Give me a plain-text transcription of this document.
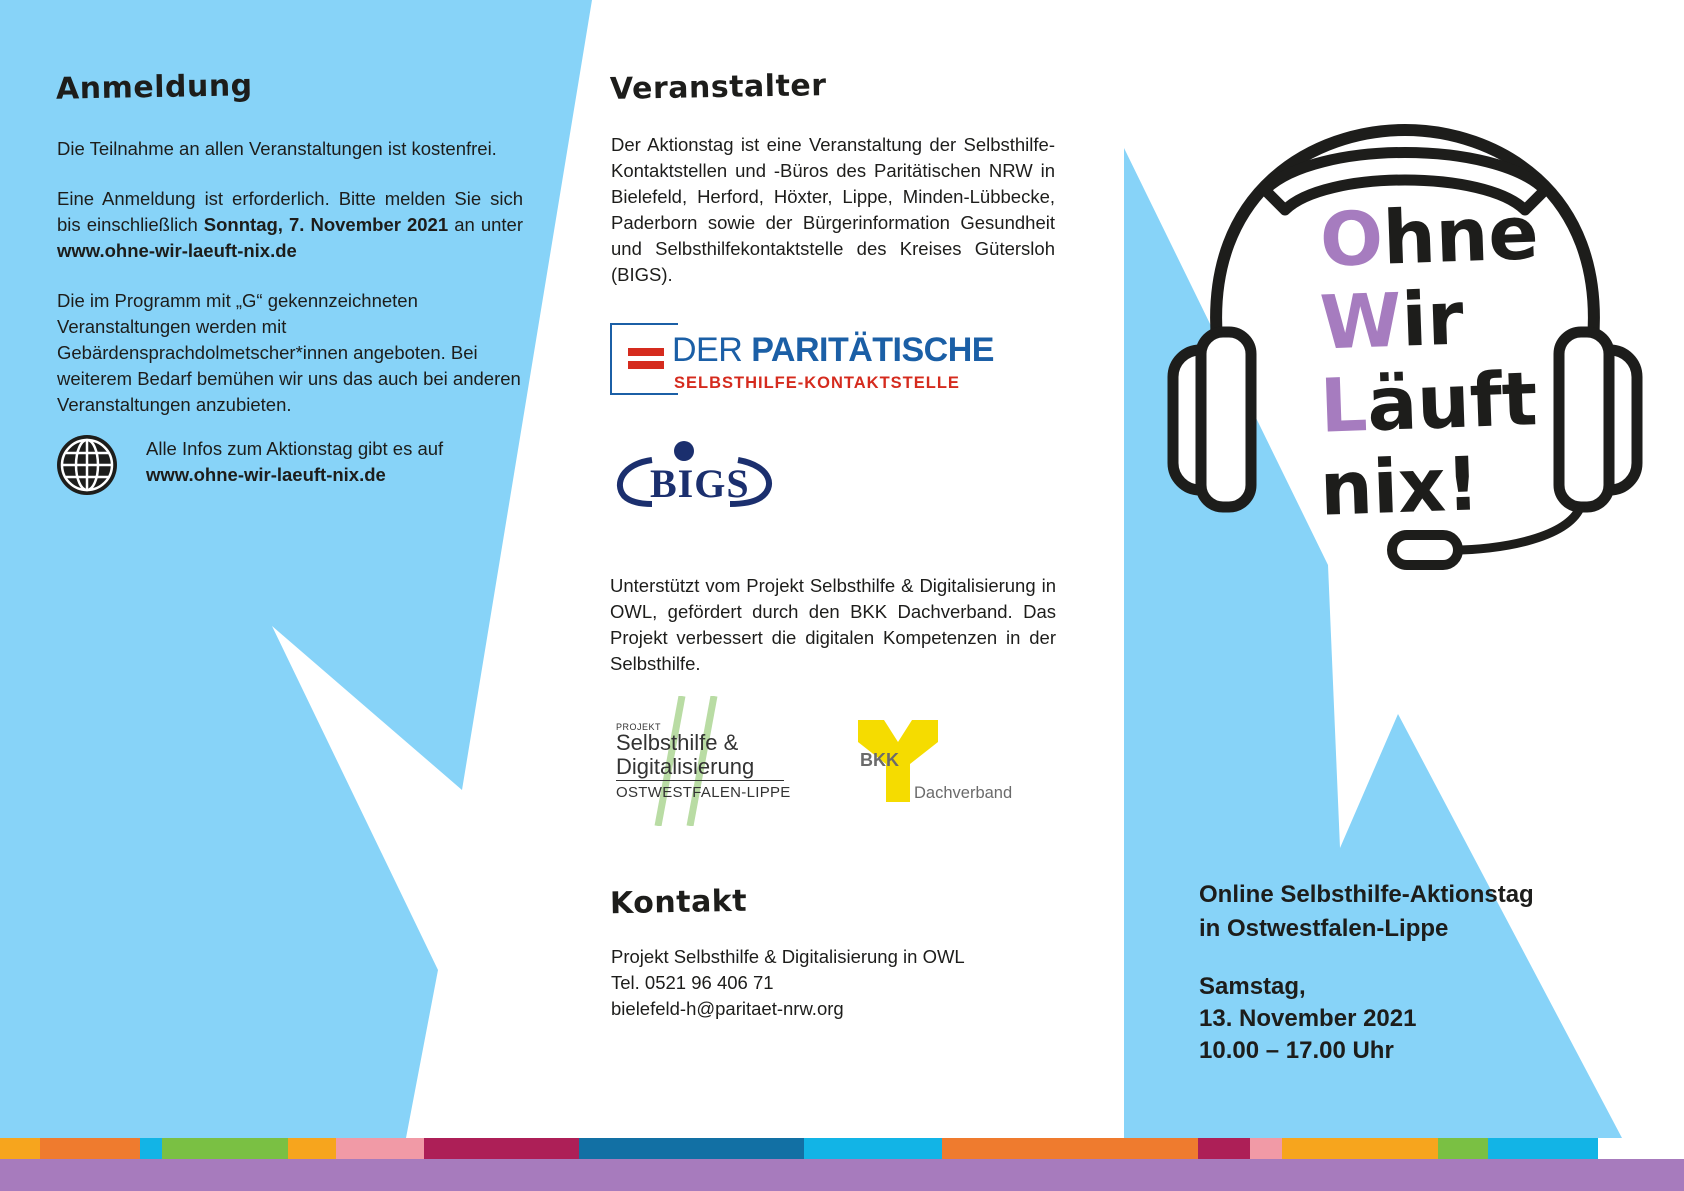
Anmeldung

Die Teilnahme an allen Veranstaltungen ist kostenfrei.

Eine Anmeldung ist erforderlich. Bitte melden Sie sich bis einschließlich Sonntag, 7. November 2021 an unter www.ohne-wir-laeuft-nix.de

Die im Programm mit „G“ gekennzeichneten Veranstaltungen werden mit Gebärdensprachdolmetscher*innen angeboten. Bei weiterem Bedarf bemühen wir uns das auch bei anderen Veranstaltungen anzubieten.

Alle Infos zum Aktionstag gibt es auf
www.ohne-wir-laeuft-nix.de
Veranstalter
Der Aktionstag ist eine Veranstaltung der Selbsthilfe-Kontaktstellen und -Büros des Paritätischen NRW in Bielefeld, Herford, Höxter, Lippe, Minden-Lübbecke, Paderborn sowie der Bürgerinformation Gesundheit und Selbsthilfekontaktstelle des Kreises Gütersloh (BIGS).
DER PARITÄTISCHE
SELBSTHILFE-KONTAKTSTELLE
BIGS
Unterstützt vom Projekt Selbsthilfe & Digitalisierung in OWL, gefördert durch den BKK Dachverband. Das Projekt verbessert die digitalen Kompetenzen in der Selbsthilfe.
PROJEKT
Selbsthilfe &
Digitalisierung
OSTWESTFALEN-LIPPE
BKK
Dachverband
Kontakt
Projekt Selbsthilfe & Digitalisierung in OWL
Tel. 0521 96 406 71
bielefeld-h@paritaet-nrw.org
Ohne
Wir
Läuft
nix!
Online Selbsthilfe-Aktionstag
in Ostwestfalen-Lippe
Samstag,
13. November 2021
10.00 – 17.00 Uhr
